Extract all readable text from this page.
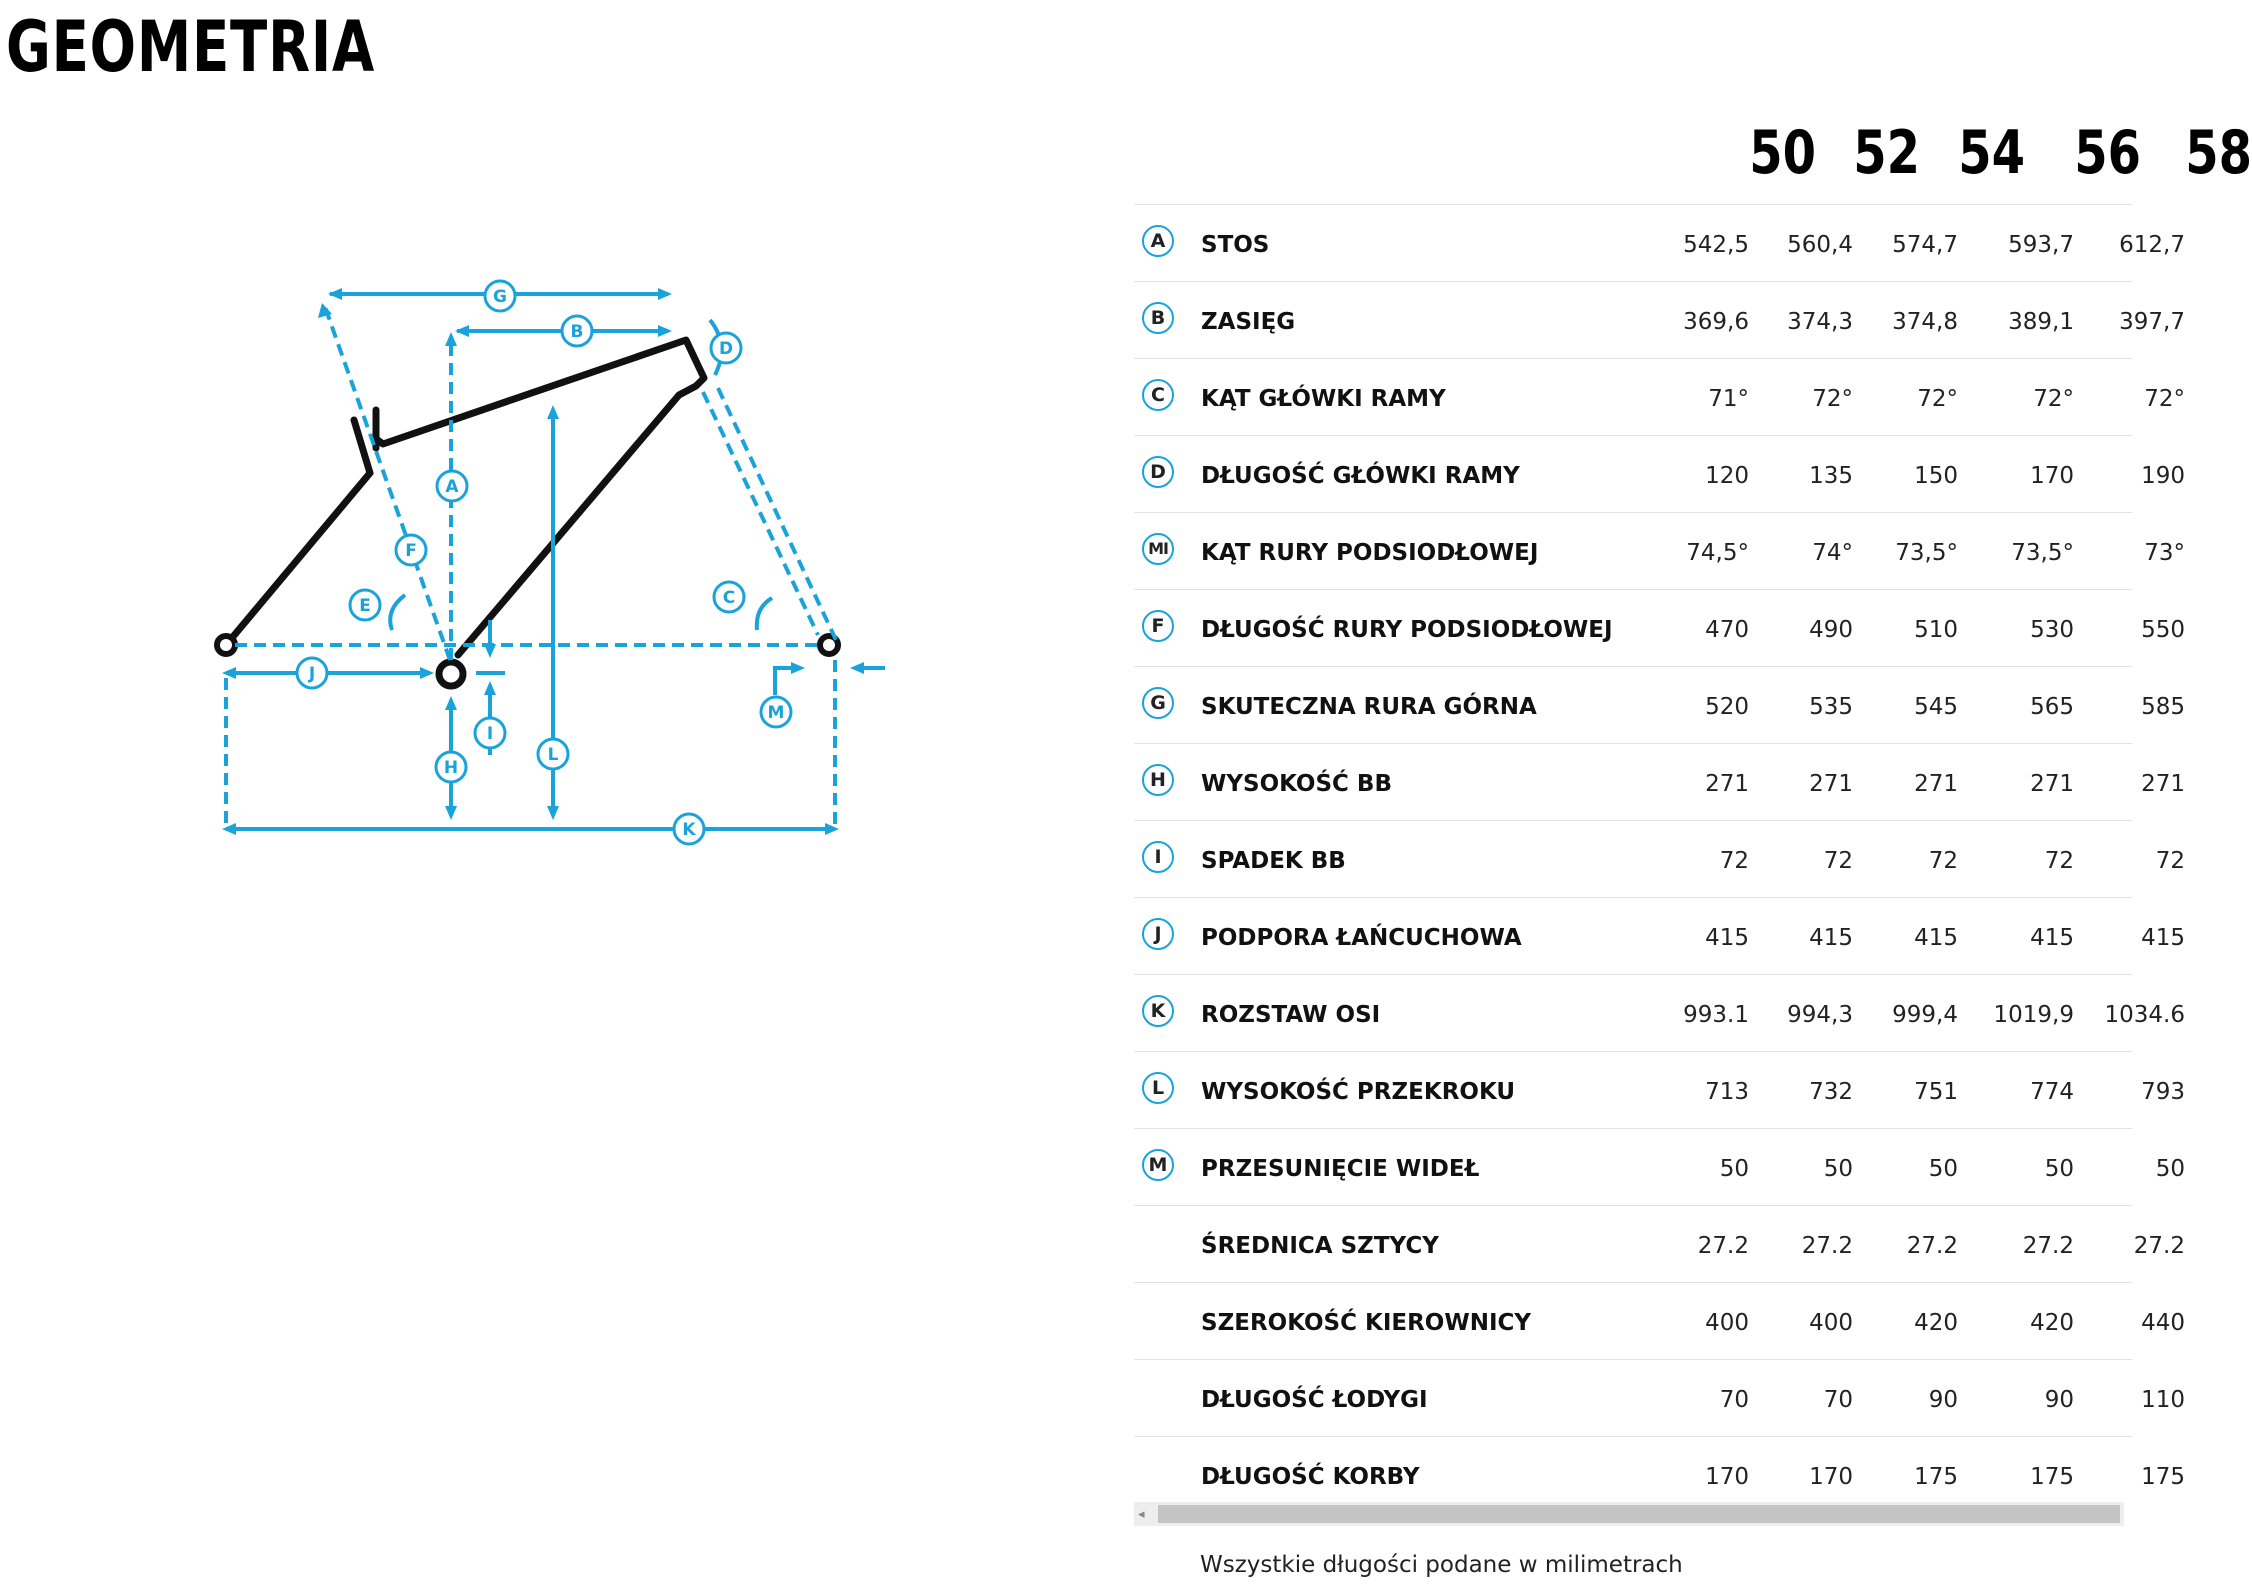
GEOMETRIA
G
B
D
A
F
E	C
J
I
M
H
L
K
50 52 54 56 58
A	STOS	542,5	560,4	574,7	593,7	612,7
B	ZASIĘG	369,6	374,3	374,8	389,1	397,7
C	KĄT GŁÓWKI RAMY	71°	72°	72°	72°	72°
D	DŁUGOŚĆ GŁÓWKI RAMY	120	135	150	170	190
MI KĄT RURY PODSIODŁOWEJ	74,5°	74°	73,5°	73,5°	73°
F	DŁUGOŚĆ RURY PODSIODŁOWEJ	470	490	510	530	550
G	SKUTECZNA RURA GÓRNA	520	535	545	565	585
H	WYSOKOŚĆ BB	271	271	271	271	271
I	SPADEK BB	72	72	72	72	72
J	PODPORA ŁAŃCUCHOWA	415	415	415	415	415
K	ROZSTAW OSI	993.1	994,3	999,4	1019,9	1034.6
L	WYSOKOŚĆ PRZEKROKU	713	732	751	774	793
M PRZESUNIĘCIE WIDEŁ	50	50	50	50	50
ŚREDNICA SZTYCY	27.2	27.2	27.2	27.2	27.2
SZEROKOŚĆ KIEROWNICY	400	400	420	420	440
DŁUGOŚĆ ŁODYGI	70	70	90	90	110
DŁUGOŚĆ KORBY	170	170	175	175	175
◂
Wszystkie długości podane w milimetrach
